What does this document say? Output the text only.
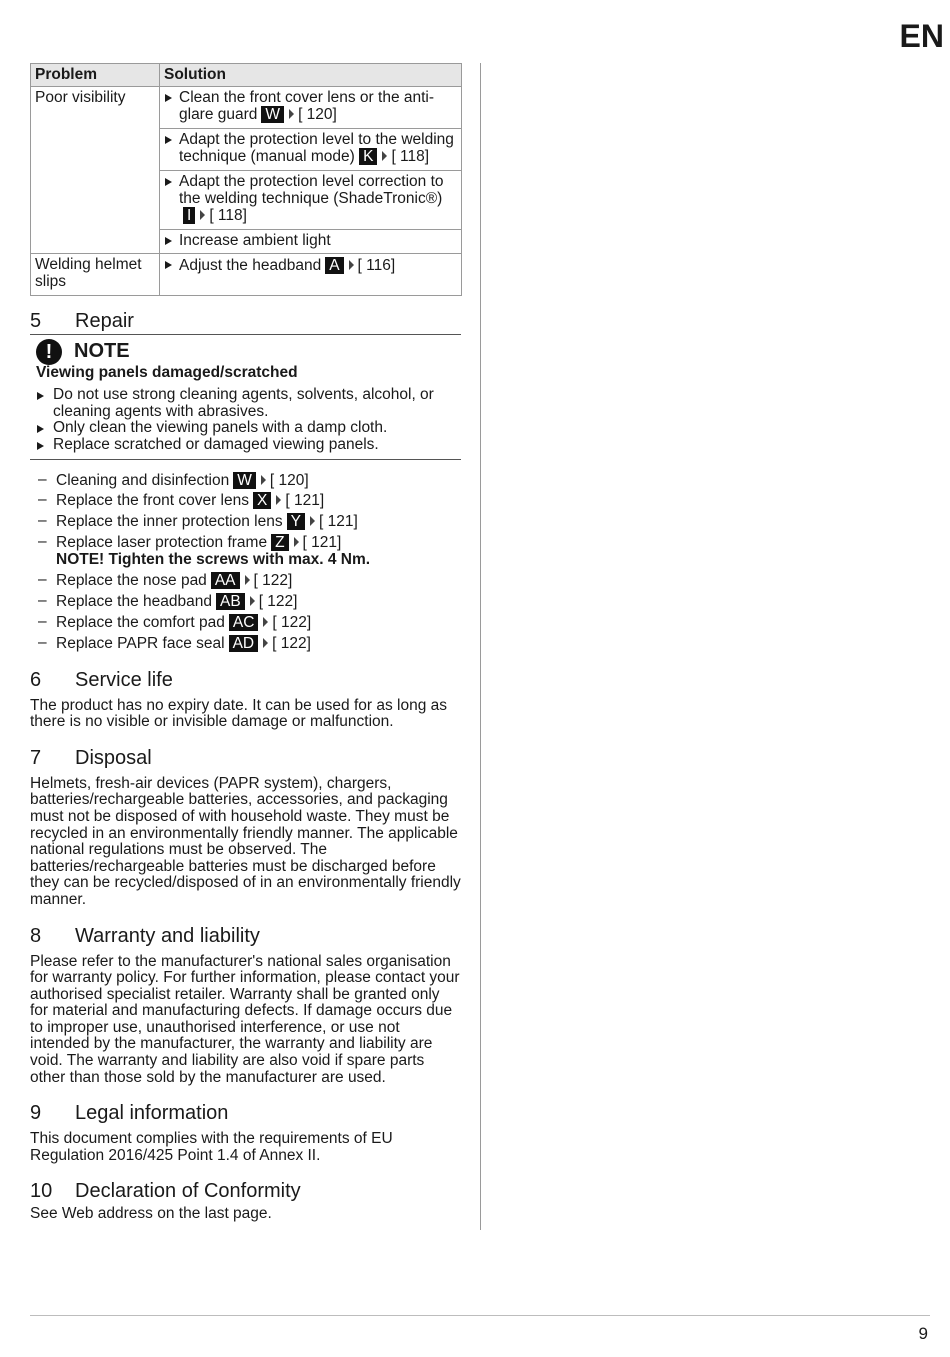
EN
Problem	Solution
Poor visibility	Clean the front cover lens or the anti-glare guard W [ 120]

Adapt the protection level to the welding technique (manual mode) K [ 118]

Adapt the protection level correction to the welding technique (ShadeTronic®)I [ 118]

Increase ambient light
Welding helmet slips	Adjust the headband A [ 116]
5	Repair
!	NOTE
Viewing panels damaged/scratched
Do not use strong cleaning agents, solvents, alcohol, or cleaning agents with abrasives.
Only clean the viewing panels with a damp cloth.
Replace scratched or damaged viewing panels.
– Cleaning and disinfection W [ 120]
– Replace the front cover lens X [ 121]
– Replace the inner protection lens Y [ 121]
– Replace laser protection frame Z [ 121]
NOTE! Tighten the screws with max. 4 Nm.
– Replace the nose pad AA [ 122]
– Replace the headband AB [ 122]
– Replace the comfort pad AC [ 122]
– Replace PAPR face seal AD [ 122]
6	Service life
The product has no expiry date. It can be used for as long as there is no visible or invisible damage or malfunction.
7	Disposal
Helmets, fresh-air devices (PAPR system), chargers, batteries/rechargeable batteries, accessories, and packaging must not be disposed of with household waste. They must be recycled in an environmentally friendly manner. The applicable national regulations must be observed. The batteries/rechargeable batteries must be discharged before they can be recycled/disposed of in an environmentally friendly manner.
8	Warranty and liability
Please refer to the manufacturer's national sales organisation for warranty policy. For further information, please contact your authorised specialist retailer. Warranty shall be granted only for material and manufacturing defects. If damage occurs due to improper use, unauthorised interference, or use not intended by the manufacturer, the warranty and liability are void. The warranty and liability are also void if spare parts other than those sold by the manufacturer are used.
9	Legal information
This document complies with the requirements of EU Regulation 2016/425 Point 1.4 of Annex II.
10	Declaration of Conformity
See Web address on the last page.
9
